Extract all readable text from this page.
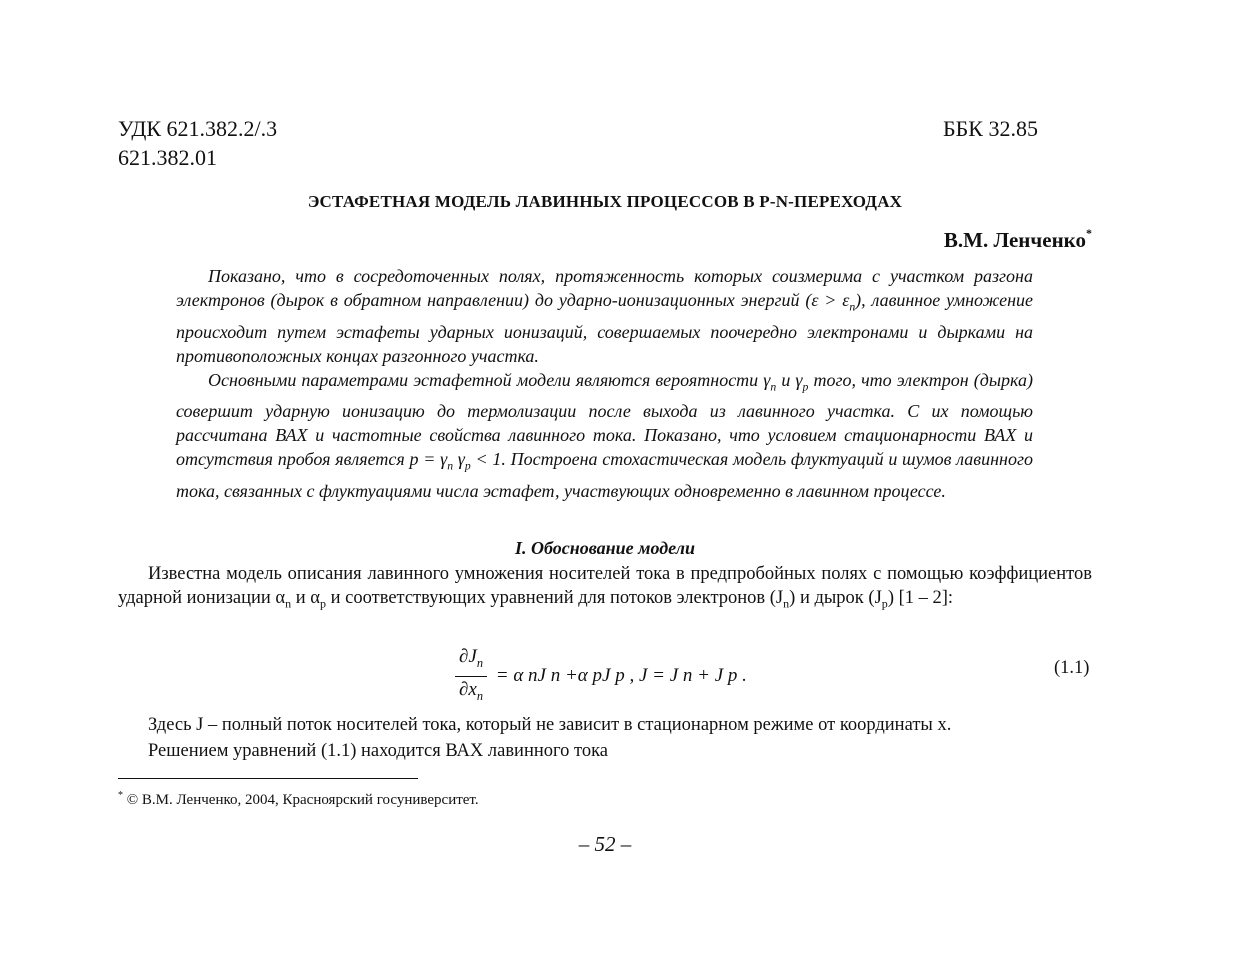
УДК 621.382.2/.3
621.382.01
ББК 32.85
ЭСТАФЕТНАЯ МОДЕЛЬ ЛАВИННЫХ ПРОЦЕССОВ В P-N-ПЕРЕХОДАХ
В.М. Ленченко*

Показано, что в сосредоточенных полях, протяженность которых соизмерима с участком разгона электронов (дырок в обратном направлении) до ударно-ионизационных энергий $(\varepsilon > \varepsilon_п)$, лавинное умножение происходит путем эстафеты ударных ионизаций, совершаемых поочередно электронами и дырками на противоположных концах разгонного участка.

Основными параметрами эстафетной модели являются вероятности $\gamma_n$ и $\gamma_p$ того, что электрон (дырка) совершит ударную ионизацию до термолизации после выхода из лавинного участка. С их помощью рассчитана ВАХ и частотные свойства лавинного тока. Показано, что условием стационарности ВАХ и отсутствия пробоя является $p = \gamma_n$ $\gamma_p < 1$. Построена стохастическая модель флуктуаций и шумов лавинного тока, связанных с флуктуациями числа эстафет, участвующих одновременно в лавинном процессе.

I. Обоснование модели

Известна модель описания лавинного умножения носителей тока в предпробойных полях с помощью коэффициентов ударной ионизации $\alpha_n$ и $\alpha_p$ и соответствующих уравнений для потоков электронов $(J_n)$ и дырок $(J_p)$ [1 – 2]:

$\frac{\partial J_n}{\partial x_n} = \alpha$ nJ n +α pJ p , J = J n + J p .	(1.1)
Здесь J – полный поток носителей тока, который не зависит в стационарном режиме от координаты x.
Решением уравнений (1.1) находится ВАХ лавинного тока
* © В.М. Ленченко, 2004, Красноярский госуниверситет.
– 52 –
